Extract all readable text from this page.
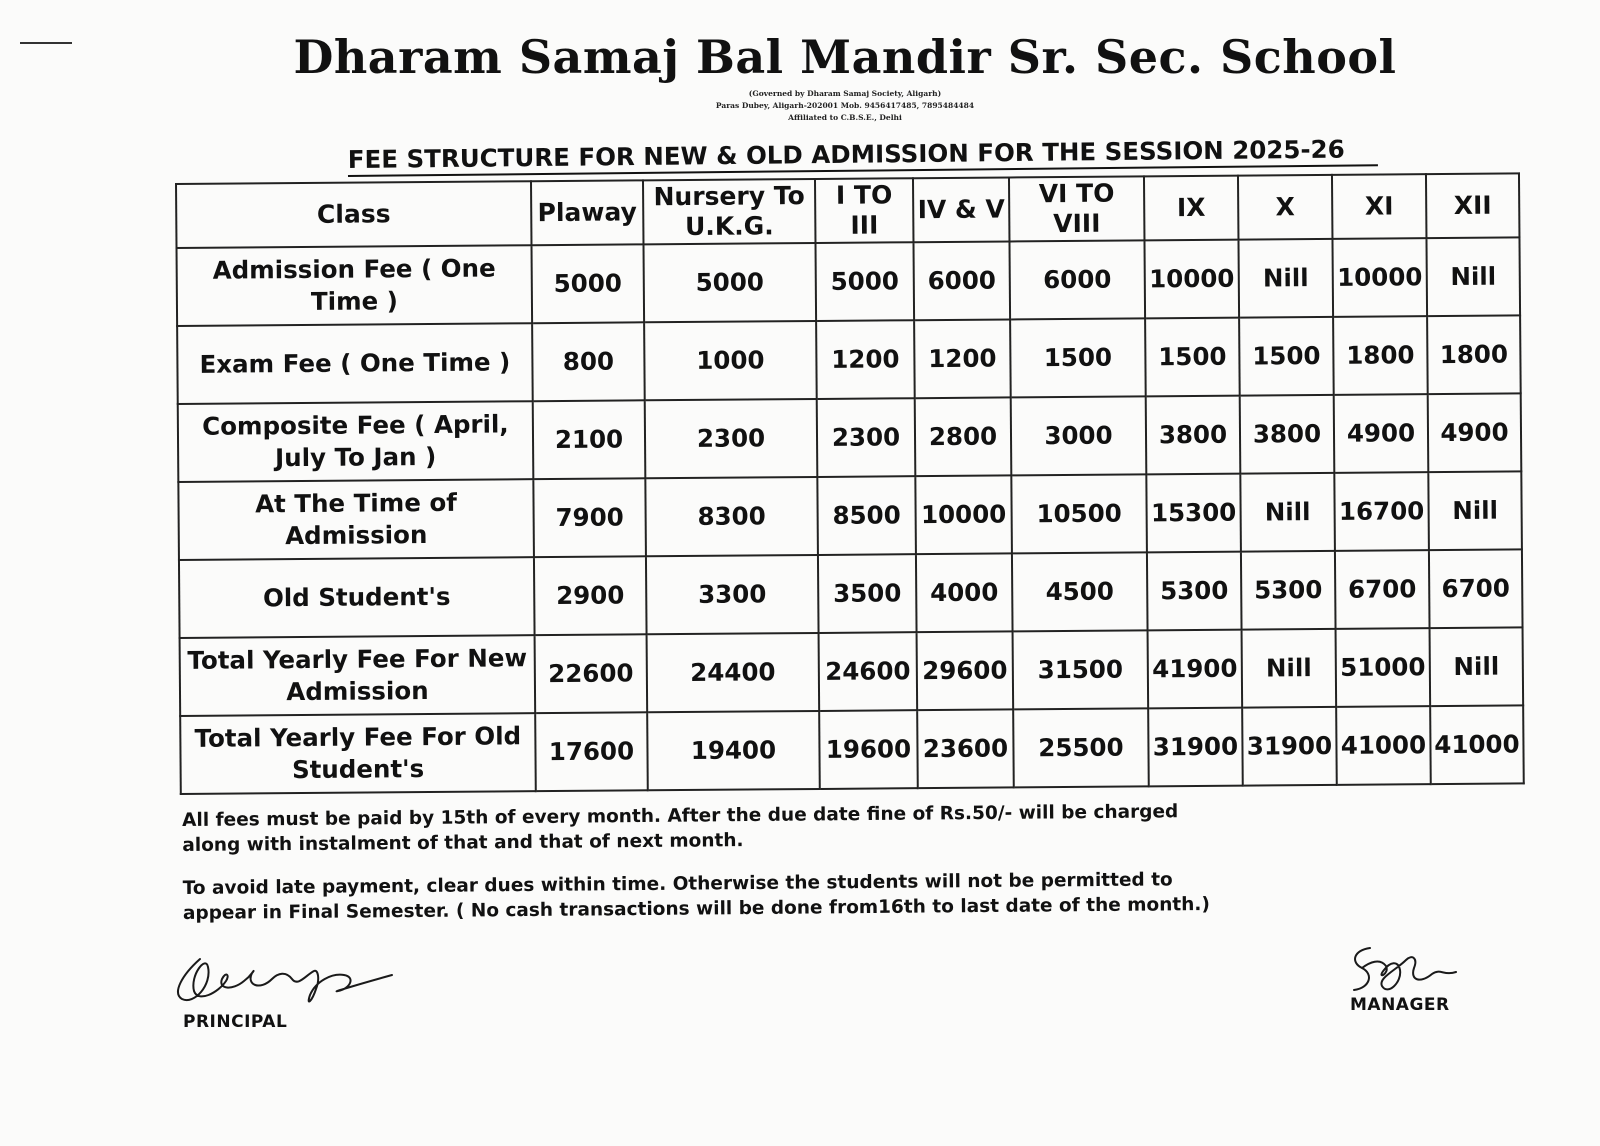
Dharam Samaj Bal Mandir Sr. Sec. School
(Governed by Dharam Samaj Society, Aligarh)
Paras Dubey, Aligarh-202001 Mob. 9456417485, 7895484484
Affiliated to C.B.S.E., Delhi
FEE STRUCTURE FOR NEW & OLD ADMISSION FOR THE SESSION 2025-26
Class	Plaway	Nursery To U.K.G.	I TO III	IV & V	VI TO VIII	IX	X	XI	XII
Admission Fee ( One Time )	5000	5000	5000	6000	6000	10000	Nill	10000	Nill
Exam Fee ( One Time )	800	1000	1200	1200	1500	1500	1500	1800	1800
Composite Fee ( April, July To Jan )	2100	2300	2300	2800	3000	3800	3800	4900	4900
At The Time of Admission	7900	8300	8500	10000	10500	15300	Nill	16700	Nill
Old Student's	2900	3300	3500	4000	4500	5300	5300	6700	6700
Total Yearly Fee For New Admission	22600	24400	24600	29600	31500	41900	Nill	51000	Nill
Total Yearly Fee For Old Student's	17600	19400	19600	23600	25500	31900	31900	41000	41000

All fees must be paid by 15th of every month. After the due date fine of Rs.50/- will be charged along with instalment of that and that of next month.

To avoid late payment, clear dues within time. Otherwise the students will not be permitted to appear in Final Semester. ( No cash transactions will be done from16th to last date of the month.)

PRINCIPAL
MANAGER
